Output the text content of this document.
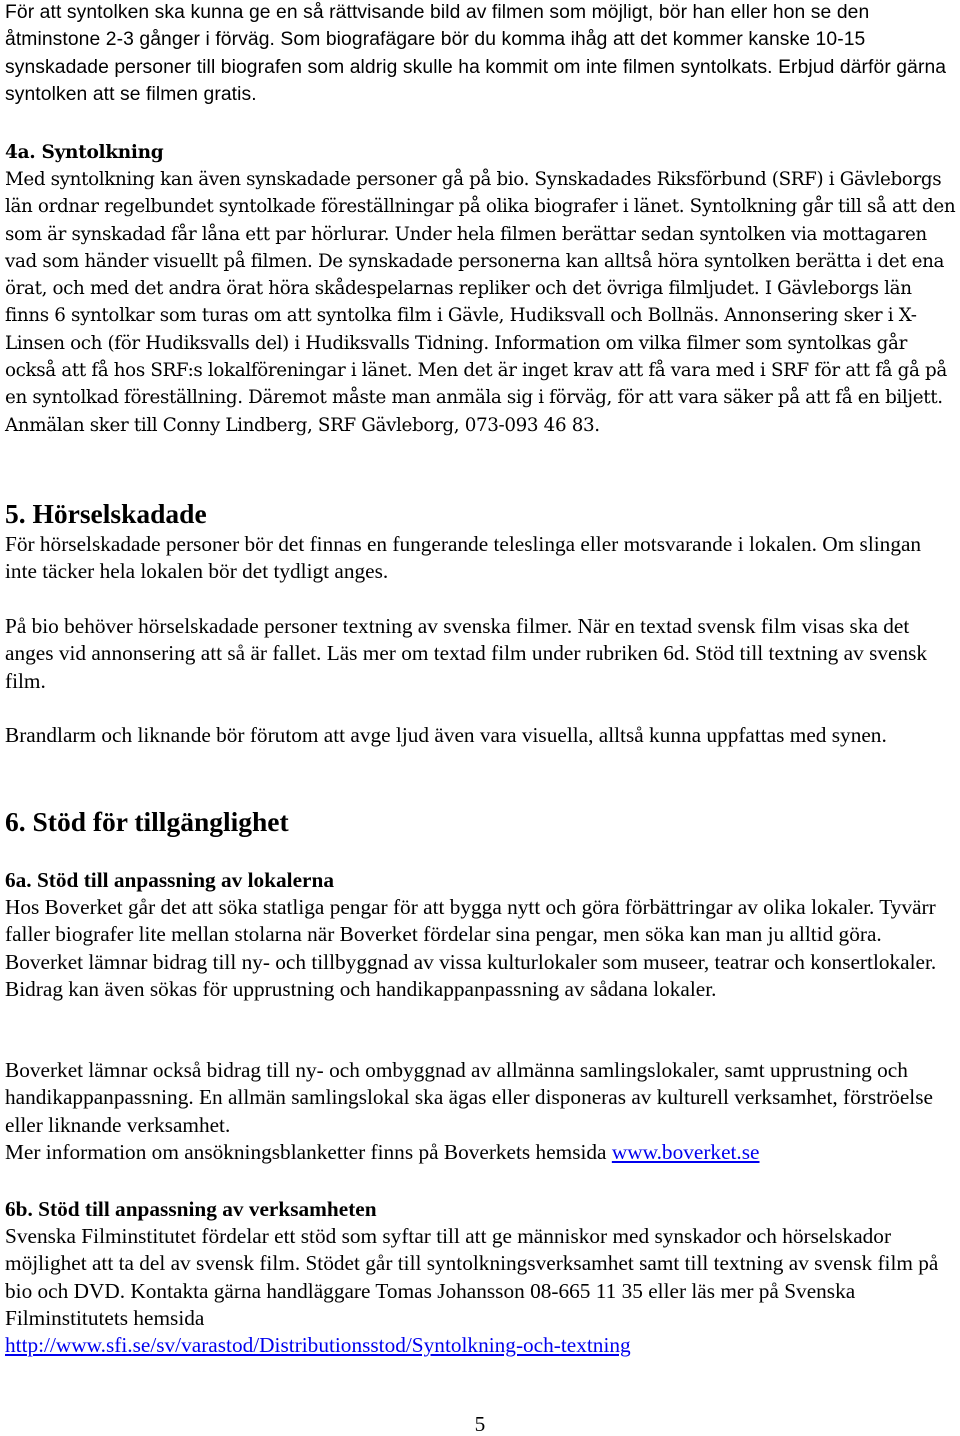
För att syntolken ska kunna ge en så rättvisande bild av filmen som möjligt, bör han eller hon se den åtminstone 2-3 gånger i förväg. Som biografägare bör du komma ihåg att det kommer kanske 10-15 synskadade personer till biografen som aldrig skulle ha kommit om inte filmen syntolkats. Erbjud därför gärna syntolken att se filmen gratis.

4a. Syntolkning

Med syntolkning kan även synskadade personer gå på bio. Synskadades Riksförbund (SRF) i Gävleborgs län ordnar regelbundet syntolkade föreställningar på olika biografer i länet. Syntolkning går till så att den som är synskadad får låna ett par hörlurar. Under hela filmen berättar sedan syntolken via mottagaren vad som händer visuellt på filmen. De synskadade personerna kan alltså höra syntolken berätta i det ena örat, och med det andra örat höra skådespelarnas repliker och det övriga filmljudet. I Gävleborgs län finns 6 syntolkar som turas om att syntolka film i Gävle, Hudiksvall och Bollnäs. Annonsering sker i X-Linsen och (för Hudiksvalls del) i Hudiksvalls Tidning. Information om vilka filmer som syntolkas går också att få hos SRF:s lokalföreningar i länet. Men det är inget krav att få vara med i SRF för att få gå på en syntolkad föreställning. Däremot måste man anmäla sig i förväg, för att vara säker på att få en biljett. Anmälan sker till Conny Lindberg, SRF Gävleborg, 073-093 46 83.

5. Hörselskadade

För hörselskadade personer bör det finnas en fungerande teleslinga eller motsvarande i lokalen. Om slingan inte täcker hela lokalen bör det tydligt anges.

På bio behöver hörselskadade personer textning av svenska filmer. När en textad svensk film visas ska det anges vid annonsering att så är fallet. Läs mer om textad film under rubriken 6d. Stöd till textning av svensk film.

Brandlarm och liknande bör förutom att avge ljud även vara visuella, alltså kunna uppfattas med synen.

6. Stöd för tillgänglighet
6a. Stöd till anpassning av lokalerna

Hos Boverket går det att söka statliga pengar för att bygga nytt och göra förbättringar av olika lokaler. Tyvärr faller biografer lite mellan stolarna när Boverket fördelar sina pengar, men söka kan man ju alltid göra. Boverket lämnar bidrag till ny- och tillbyggnad av vissa kulturlokaler som museer, teatrar och konsertlokaler. Bidrag kan även sökas för upprustning och handikappanpassning av sådana lokaler.

Boverket lämnar också bidrag till ny- och ombyggnad av allmänna samlingslokaler, samt upprustning och handikappanpassning. En allmän samlingslokal ska ägas eller disponeras av kulturell verksamhet, förströelse eller liknande verksamhet.

Mer information om ansökningsblanketter finns på Boverkets hemsida www.boverket.se

6b. Stöd till anpassning av verksamheten

Svenska Filminstitutet fördelar ett stöd som syftar till att ge människor med synskador och hörselskador möjlighet att ta del av svensk film. Stödet går till syntolkningsverksamhet samt till textning av svensk film på bio och DVD. Kontakta gärna handläggare Tomas Johansson 08-665 11 35 eller läs mer på Svenska Filminstitutets hemsida
http://www.sfi.se/sv/varastod/Distributionsstod/Syntolkning-och-textning

5
